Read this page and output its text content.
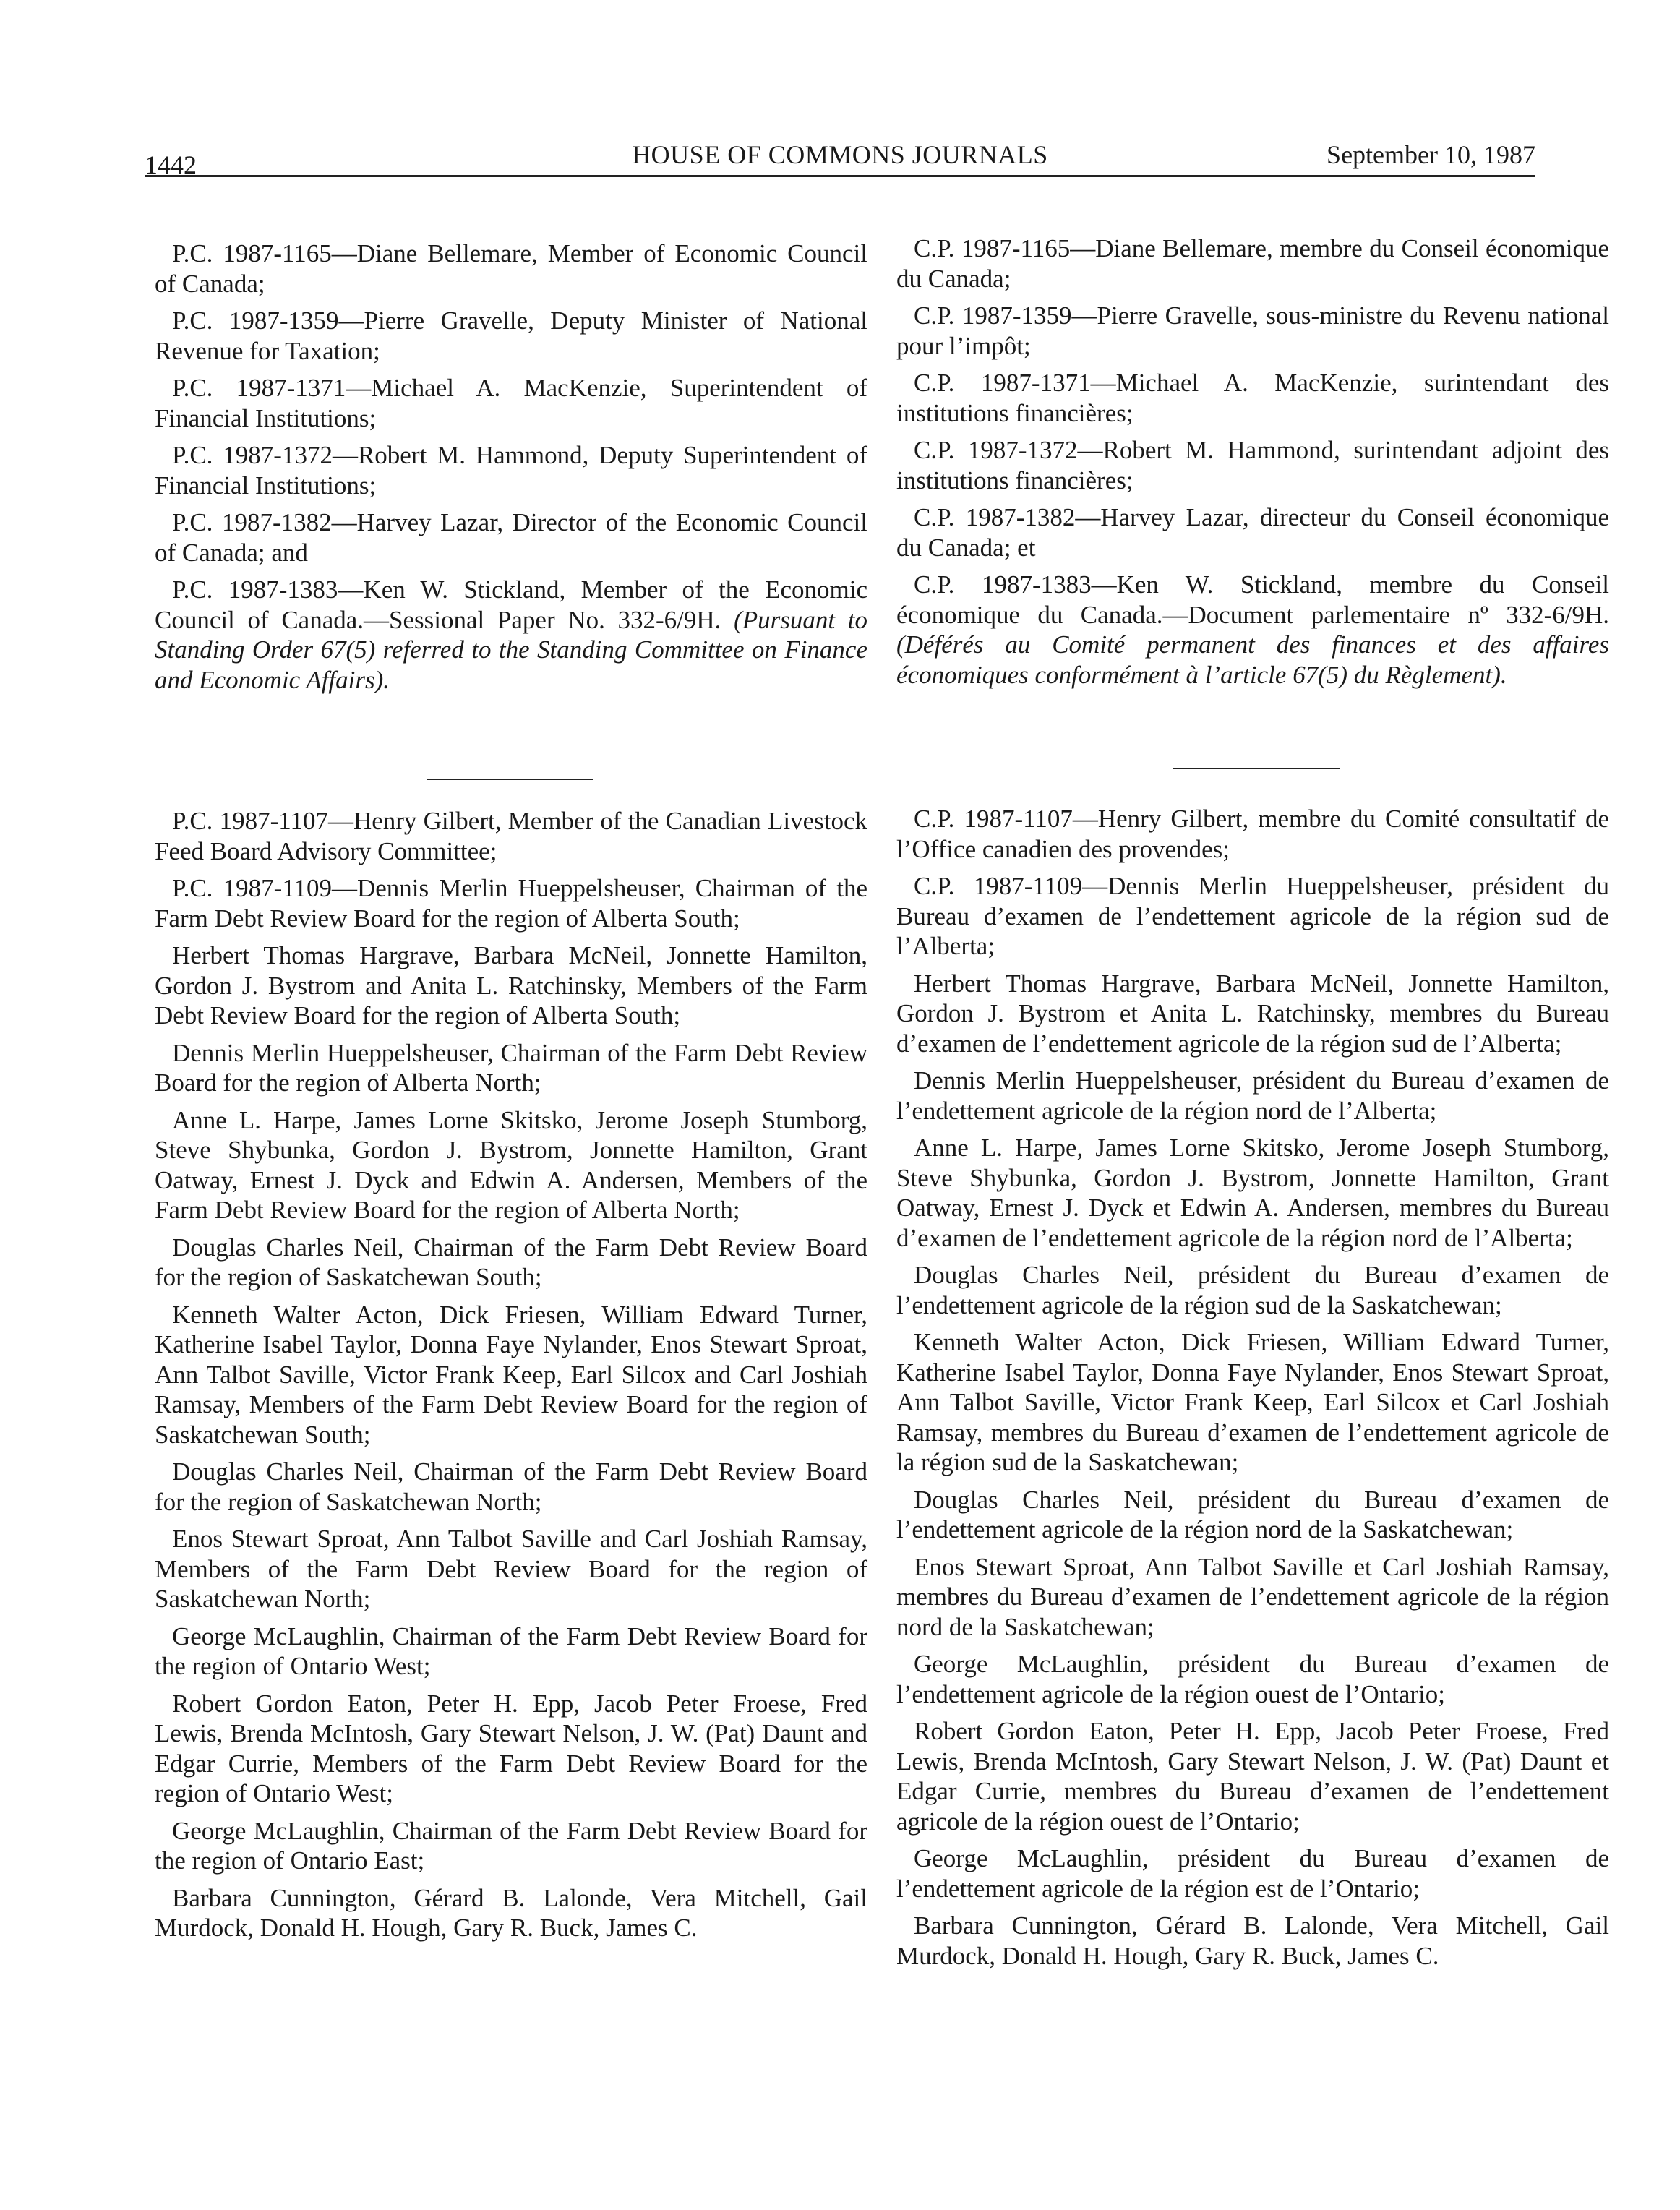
1442	HOUSE OF COMMONS JOURNALS	September 10, 1987

P.C. 1987-1165—Diane Bellemare, Member of Economic Council of Canada;

P.C. 1987-1359—Pierre Gravelle, Deputy Minister of National Revenue for Taxation;

P.C. 1987-1371—Michael A. MacKenzie, Superintendent of Financial Institutions;

P.C. 1987-1372—Robert M. Hammond, Deputy Superintendent of Financial Institutions;

P.C. 1987-1382—Harvey Lazar, Director of the Economic Council of Canada; and

P.C. 1987-1383—Ken W. Stickland, Member of the Economic Council of Canada.—Sessional Paper No. 332-6/9H. (Pursuant to Standing Order 67(5) referred to the Standing Committee on Finance and Economic Affairs).

C.P. 1987-1165—Diane Bellemare, membre du Conseil économique du Canada;

C.P. 1987-1359—Pierre Gravelle, sous-ministre du Revenu national pour l’impôt;

C.P. 1987-1371—Michael A. MacKenzie, surintendant des institutions financières;

C.P. 1987-1372—Robert M. Hammond, surintendant adjoint des institutions financières;

C.P. 1987-1382—Harvey Lazar, directeur du Conseil économique du Canada; et

C.P. 1987-1383—Ken W. Stickland, membre du Conseil économique du Canada.—Document parlementaire nº 332-6/9H. (Déférés au Comité permanent des finances et des affaires économiques conformément à l’article 67(5) du Règlement).

P.C. 1987-1107—Henry Gilbert, Member of the Canadian Livestock Feed Board Advisory Committee;

P.C. 1987-1109—Dennis Merlin Hueppelsheuser, Chairman of the Farm Debt Review Board for the region of Alberta South;

Herbert Thomas Hargrave, Barbara McNeil, Jonnette Hamilton, Gordon J. Bystrom and Anita L. Ratchinsky, Members of the Farm Debt Review Board for the region of Alberta South;

Dennis Merlin Hueppelsheuser, Chairman of the Farm Debt Review Board for the region of Alberta North;

Anne L. Harpe, James Lorne Skitsko, Jerome Joseph Stumborg, Steve Shybunka, Gordon J. Bystrom, Jonnette Hamilton, Grant Oatway, Ernest J. Dyck and Edwin A. Andersen, Members of the Farm Debt Review Board for the region of Alberta North;

Douglas Charles Neil, Chairman of the Farm Debt Review Board for the region of Saskatchewan South;

Kenneth Walter Acton, Dick Friesen, William Edward Turner, Katherine Isabel Taylor, Donna Faye Nylander, Enos Stewart Sproat, Ann Talbot Saville, Victor Frank Keep, Earl Silcox and Carl Joshiah Ramsay, Members of the Farm Debt Review Board for the region of Saskatchewan South;

Douglas Charles Neil, Chairman of the Farm Debt Review Board for the region of Saskatchewan North;

Enos Stewart Sproat, Ann Talbot Saville and Carl Joshiah Ramsay, Members of the Farm Debt Review Board for the region of Saskatchewan North;

George McLaughlin, Chairman of the Farm Debt Review Board for the region of Ontario West;

Robert Gordon Eaton, Peter H. Epp, Jacob Peter Froese, Fred Lewis, Brenda McIntosh, Gary Stewart Nelson, J. W. (Pat) Daunt and Edgar Currie, Members of the Farm Debt Review Board for the region of Ontario West;

George McLaughlin, Chairman of the Farm Debt Review Board for the region of Ontario East;

Barbara Cunnington, Gérard B. Lalonde, Vera Mitchell, Gail Murdock, Donald H. Hough, Gary R. Buck, James C.

C.P. 1987-1107—Henry Gilbert, membre du Comité consultatif de l’Office canadien des provendes;

C.P. 1987-1109—Dennis Merlin Hueppelsheuser, président du Bureau d’examen de l’endettement agricole de la région sud de l’Alberta;

Herbert Thomas Hargrave, Barbara McNeil, Jonnette Hamilton, Gordon J. Bystrom et Anita L. Ratchinsky, membres du Bureau d’examen de l’endettement agricole de la région sud de l’Alberta;

Dennis Merlin Hueppelsheuser, président du Bureau d’examen de l’endettement agricole de la région nord de l’Alberta;

Anne L. Harpe, James Lorne Skitsko, Jerome Joseph Stumborg, Steve Shybunka, Gordon J. Bystrom, Jonnette Hamilton, Grant Oatway, Ernest J. Dyck et Edwin A. Andersen, membres du Bureau d’examen de l’endettement agricole de la région nord de l’Alberta;

Douglas Charles Neil, président du Bureau d’examen de l’endettement agricole de la région sud de la Saskatchewan;

Kenneth Walter Acton, Dick Friesen, William Edward Turner, Katherine Isabel Taylor, Donna Faye Nylander, Enos Stewart Sproat, Ann Talbot Saville, Victor Frank Keep, Earl Silcox et Carl Joshiah Ramsay, membres du Bureau d’examen de l’endettement agricole de la région sud de la Saskatchewan;

Douglas Charles Neil, président du Bureau d’examen de l’endettement agricole de la région nord de la Saskatchewan;

Enos Stewart Sproat, Ann Talbot Saville et Carl Joshiah Ramsay, membres du Bureau d’examen de l’endettement agricole de la région nord de la Saskatchewan;

George McLaughlin, président du Bureau d’examen de l’endettement agricole de la région ouest de l’Ontario;

Robert Gordon Eaton, Peter H. Epp, Jacob Peter Froese, Fred Lewis, Brenda McIntosh, Gary Stewart Nelson, J. W. (Pat) Daunt et Edgar Currie, membres du Bureau d’examen de l’endettement agricole de la région ouest de l’Ontario;

George McLaughlin, président du Bureau d’examen de l’endettement agricole de la région est de l’Ontario;

Barbara Cunnington, Gérard B. Lalonde, Vera Mitchell, Gail Murdock, Donald H. Hough, Gary R. Buck, James C.
